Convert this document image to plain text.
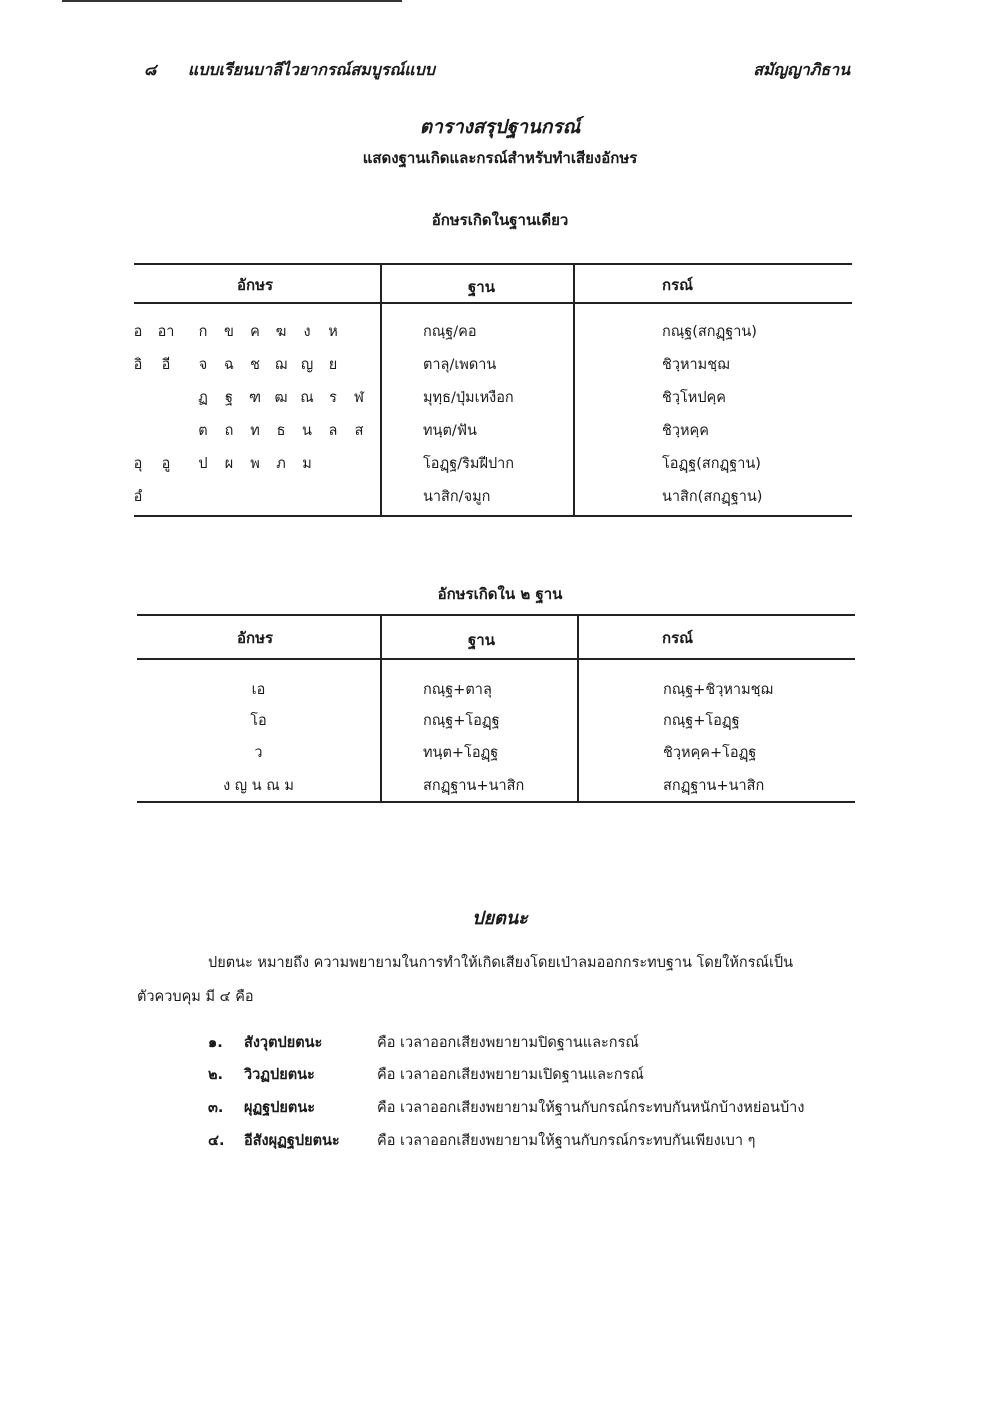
๘ แบบเรียนบาลีไวยากรณ์สมบูรณ์แบบ	สมัญญาภิธาน
ตารางสรุปฐานกรณ์
แสดงฐานเกิดและกรณ์สำหรับทำเสียงอักษร
อักษรเกิดในฐานเดียว
อักษร	ฐาน	กรณ์
อ	อา	ก	ข	ค	ฆ	ง	ห	กณฺฐ/คอ	กณฺฐ(สกฏฺฐาน)
อิ	อี	จ	ฉ	ช	ฌ ญ	ย	ตาลุ/เพดาน	ชิวฺหามชฺฌ
ฏ	ฐ	ฑ ฒ ณ	ร	ฬ	มุทฺธ/ปุ่มเหงือก	ชิวฺโหปคฺค
ต	ถ	ท	ธ	น	ล	ส	ทนฺต/ฟัน	ชิวฺหคฺค
อุ	อู	ป	ผ	พ	ภ	ม	โอฏฺฐ/ริมฝีปาก	โอฏฺฐ(สกฏฺฐาน)
อํ	นาสิก/จมูก	นาสิก(สกฏฺฐาน)
อักษรเกิดใน ๒ ฐาน
อักษร	ฐาน	กรณ์
เอ	กณฺฐ+ตาลุ	กณฺฐ+ชิวฺหามชฺฌ
โอ	กณฺฐ+โอฏฺฐ	กณฺฐ+โอฏฺฐ
ว	ทนฺต+โอฏฺฐ	ชิวฺหคฺค+โอฏฺฐ
ง ญ น ณ ม	สกฏฺฐาน+นาสิก	สกฏฺฐาน+นาสิก
ปยตนะ
ปยตนะ หมายถึง ความพยายามในการทำให้เกิดเสียงโดยเป่าลมออกกระทบฐาน โดยให้กรณ์เป็น
ตัวควบคุม มี ๔ คือ
๑. สังวุตปยตนะ	คือ เวลาออกเสียงพยายามปิดฐานและกรณ์
๒. วิวฏปยตนะ	คือ เวลาออกเสียงพยายามเปิดฐานและกรณ์
๓. ผุฏฐปยตนะ	คือ เวลาออกเสียงพยายามให้ฐานกับกรณ์กระทบกันหนักบ้างหย่อนบ้าง
๔. อีสังผุฏฐปยตนะ	คือ เวลาออกเสียงพยายามให้ฐานกับกรณ์กระทบกันเพียงเบา ๆ
